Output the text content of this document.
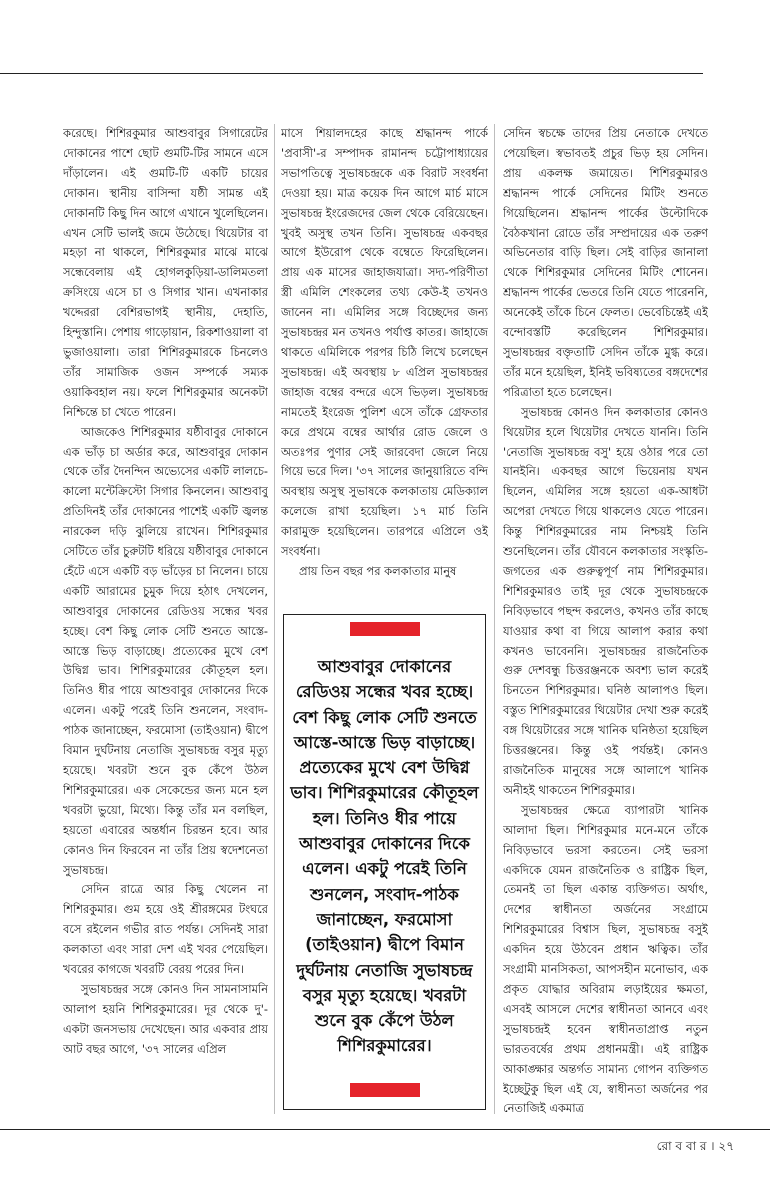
করেছে। শিশিরকুমার আশুবাবুর সিগারেটের দোকানের পাশে ছোট গুমটি-টির সামনে এসে দাঁড়ালেন। এই গুমটি-টি একটি চায়ের দোকান। স্থানীয় বাসিন্দা যষ্ঠী সামন্ত এই দোকানটি কিছু দিন আগে এখানে খুলেছিলেন। এখন সেটি ভালই জমে উঠেছে। থিয়েটার বা মহড়া না থাকলে, শিশিরকুমার মাঝে মাঝে সন্ধেবেলায় এই হোগলকুড়িয়া-ডালিমতলা ক্রসিংয়ে এসে চা ও সিগার খান। এখনাকার খদ্দেররা বেশিরভাগই স্থানীয়, দেহাতি, হিন্দুস্তানি। পেশায় গাড়োয়ান, রিকশাওয়ালা বা ভুজাওয়ালা। তারা শিশিরকুমারকে চিনলেও তাঁর সামাজিক ওজন সম্পর্কে সম্যক ওয়াকিবহাল নয়। ফলে শিশিরকুমার অনেকটা নিশ্চিন্তে চা খেতে পারেন।

আজকেও শিশিরকুমার যষ্ঠীবাবুর দোকানে এক ভাঁড় চা অর্ডার করে, আশুবাবুর দোকান থেকে তাঁর দৈনন্দিন অভ্যেসের একটি লালচে-কালো মন্টেক্রিস্টো সিগার কিনলেন। আশুবাবু প্রতিদিনই তাঁর দোকানের পাশেই একটি জ্বলন্ত নারকেল দড়ি ঝুলিয়ে রাখেন। শিশিরকুমার সেটিতে তাঁর চুরুটটি ধরিয়ে যষ্ঠীবাবুর দোকানে হেঁটে এসে একটি বড় ভাঁড়ের চা নিলেন। চায়ে একটি আরামের চুমুক দিয়ে হঠাৎ দেখলেন, আশুবাবুর দোকানের রেডিওয় সন্ধের খবর হচ্ছে। বেশ কিছু লোক সেটি শুনতে আস্তে-আস্তে ভিড় বাড়াচ্ছে। প্রত্যেকের মুখে বেশ উদ্বিগ্ন ভাব। শিশিরকুমারের কৌতূহল হল। তিনিও ধীর পায়ে আশুবাবুর দোকানের দিকে এলেন। একটু পরেই তিনি শুনলেন, সংবাদ-পাঠক জানাচ্ছেন, ফরমোসা (তাইওয়ান) দ্বীপে বিমান দুর্ঘটনায় নেতাজি সুভাষচন্দ্র বসুর মৃত্যু হয়েছে। খবরটা শুনে বুক কেঁপে উঠল শিশিরকুমারের। এক সেকেন্ডের জন্য মনে হল খবরটা ভুয়ো, মিথ্যে। কিন্তু তাঁর মন বলছিল, হয়তো এবারের অন্তর্ধান চিরন্তন হবে। আর কোনও দিন ফিরবেন না তাঁর প্রিয় স্বদেশনেতা সুভাষচন্দ্র।

সেদিন রাত্রে আর কিছু খেলেন না শিশিরকুমার। গুম হয়ে ওই শ্রীরঙ্গমের টংঘরে বসে রইলেন গভীর রাত পর্যন্ত। সেদিনই সারা কলকাতা এবং সারা দেশ এই খবর পেয়েছিল। খবরের কাগজে খবরটি বেরয় পরের দিন।

সুভাষচন্দ্রর সঙ্গে কোনও দিন সামনাসামনি আলাপ হয়নি শিশিরকুমারের। দূর থেকে দু'-একটা জনসভায় দেখেছেন। আর একবার প্রায় আট বছর আগে, '৩৭ সালের এপ্রিল

মাসে শিয়ালদহের কাছে শ্রদ্ধানন্দ পার্কে 'প্রবাসী'-র সম্পাদক রামানন্দ চট্টোপাধ্যায়ের সভাপতিত্বে সুভাষচন্দ্রকে এক বিরাট সংবর্ধনা দেওয়া হয়। মাত্র কয়েক দিন আগে মার্চ মাসে সুভাষচন্দ্র ইংরেজদের জেল থেকে বেরিয়েছেন। খুবই অসুস্থ তখন তিনি। সুভাষচন্দ্র একবছর আগে ইউরোপ থেকে বম্বেতে ফিরেছিলেন। প্রায় এক মাসের জাহাজযাত্রা। সদ্য-পরিণীতা স্ত্রী এমিলি শেংকলের তথ্য কেউ-ই তখনও জানেন না। এমিলির সঙ্গে বিচ্ছেদের জন্য সুভাষচন্দ্রর মন তখনও পর্যাপ্ত কাতর। জাহাজে থাকতে এমিলিকে পরপর চিঠি লিখে চলেছেন সুভাষচন্দ্র। এই অবস্থায় ৮ এপ্রিল সুভাষচন্দ্রর জাহাজ বম্বের বন্দরে এসে ভিড়ল। সুভাষচন্দ্র নামতেই ইংরেজ পুলিশ এসে তাঁকে গ্রেফতার করে প্রথমে বম্বের আর্থার রোড জেলে ও অতঃপর পুণার সেই জারবেদা জেলে নিয়ে গিয়ে ভরে দিল। '৩৭ সালের জানুয়ারিতে বন্দি অবস্থায় অসুস্থ সুভাষকে কলকাতায় মেডিক্যাল কলেজে রাখা হয়েছিল। ১৭ মার্চ তিনি কারামুক্ত হয়েছিলেন। তারপরে এপ্রিলে ওই সংবর্ধনা।

প্রায় তিন বছর পর কলকাতার মানুষ

আশুবাবুর দোকানের রেডিওয় সন্ধের খবর হচ্ছে। বেশ কিছু লোক সেটি শুনতে আস্তে-আস্তে ভিড় বাড়াচ্ছে। প্রত্যেকের মুখে বেশ উদ্বিগ্ন ভাব। শিশিরকুমারের কৌতূহল হল। তিনিও ধীর পায়ে আশুবাবুর দোকানের দিকে এলেন। একটু পরেই তিনি শুনলেন, সংবাদ-পাঠক জানাচ্ছেন, ফরমোসা (তাইওয়ান) দ্বীপে বিমান দুর্ঘটনায় নেতাজি সুভাষচন্দ্র বসুর মৃত্যু হয়েছে। খবরটা শুনে বুক কেঁপে উঠল শিশিরকুমারের।

সেদিন স্বচক্ষে তাদের প্রিয় নেতাকে দেখতে পেয়েছিল। স্বভাবতই প্রচুর ভিড় হয় সেদিন। প্রায় একলক্ষ জমায়েত। শিশিরকুমারও শ্রদ্ধানন্দ পার্কে সেদিনের মিটিং শুনতে গিয়েছিলেন। শ্রদ্ধানন্দ পার্কের উল্টোদিকে বৈঠকখানা রোডে তাঁর সম্প্রদায়ের এক তরুণ অভিনেতার বাড়ি ছিল। সেই বাড়ির জানালা থেকে শিশিরকুমার সেদিনের মিটিং শোনেন। শ্রদ্ধানন্দ পার্কের ভেতরে তিনি যেতে পারেননি, অনেকেই তাঁকে চিনে ফেলত। ভেবেচিন্তেই এই বন্দোবস্তটি করেছিলেন শিশিরকুমার। সুভাষচন্দ্রর বক্তৃতাটি সেদিন তাঁকে মুগ্ধ করে। তাঁর মনে হয়েছিল, ইনিই ভবিষ্যতের বঙ্গদেশের পরিত্রাতা হতে চলেছেন।

সুভাষচন্দ্র কোনও দিন কলকাতার কোনও থিয়েটার হলে থিয়েটার দেখতে যাননি। তিনি 'নেতাজি সুভাষচন্দ্র বসু' হয়ে ওঠার পরে তো যানইনি। একবছর আগে ভিয়েনায় যখন ছিলেন, এমিলির সঙ্গে হয়তো এক-আধটা অপেরা দেখতে গিয়ে থাকলেও যেতে পারেন। কিন্তু শিশিরকুমারের নাম নিশ্চয়ই তিনি শুনেছিলেন। তাঁর যৌবনে কলকাতার সংস্কৃতি-জগতের এক গুরুত্বপূর্ণ নাম শিশিরকুমার। শিশিরকুমারও তাই দূর থেকে সুভাষচন্দ্রকে নিবিড়ভাবে পছন্দ করলেও, কখনও তাঁর কাছে যাওয়ার কথা বা গিয়ে আলাপ করার কথা কখনও ভাবেননি। সুভাষচন্দ্রর রাজনৈতিক গুরু দেশবন্ধু চিত্তরঞ্জনকে অবশ্য ভাল করেই চিনতেন শিশিরকুমার। ঘনিষ্ঠ আলাপও ছিল। বস্তুত শিশিরকুমারের থিয়েটার দেখা শুরু করেই বঙ্গ থিয়েটারের সঙ্গে খানিক ঘনিষ্ঠতা হয়েছিল চিত্তরঞ্জনের। কিন্তু ওই পর্যন্তই। কোনও রাজনৈতিক মানুষের সঙ্গে আলাপে খানিক অনীহই থাকতেন শিশিরকুমার।

সুভাষচন্দ্রর ক্ষেত্রে ব্যাপারটা খানিক আলাদা ছিল। শিশিরকুমার মনে-মনে তাঁকে নিবিড়ভাবে ভরসা করতেন। সেই ভরসা একদিকে যেমন রাজনৈতিক ও রাষ্ট্রিক ছিল, তেমনই তা ছিল একান্ত ব্যক্তিগত। অর্থাৎ, দেশের স্বাধীনতা অর্জনের সংগ্রামে শিশিরকুমারের বিশ্বাস ছিল, সুভাষচন্দ্র বসুই একদিন হয়ে উঠবেন প্রধান ঋত্বিক। তাঁর সংগ্রামী মানসিকতা, আপসহীন মনোভাব, এক প্রকৃত যোদ্ধার অবিরাম লড়াইয়ের ক্ষমতা, এসবই আসলে দেশের স্বাধীনতা আনবে এবং সুভাষচন্দ্রই হবেন স্বাধীনতাপ্রাপ্ত নতুন ভারতবর্ষের প্রথম প্রধানমন্ত্রী। এই রাষ্ট্রিক আকাঙ্ক্ষার অন্তর্গত সামান্য গোপন ব্যক্তিগত ইচ্ছেটুকু ছিল এই যে, স্বাধীনতা অর্জনের পর নেতাজিই একমাত্র

রো ব বা র । ২৭
